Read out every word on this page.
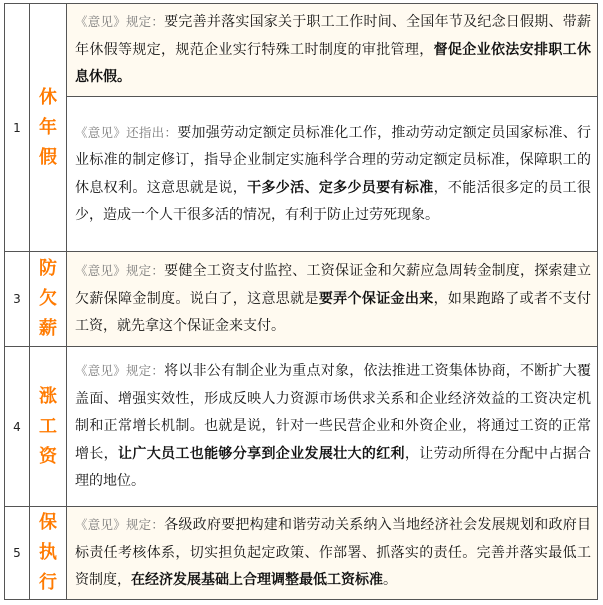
1	休年假	《意见》规定：要完善并落实国家关于职工工作时间、全国年节及纪念日假期、带薪年休假等规定，规范企业实行特殊工时制度的审批管理，督促企业依法安排职工休息休假。
		《意见》还指出：要加强劳动定额定员标准化工作，推动劳动定额定员国家标准、行业标准的制定修订，指导企业制定实施科学合理的劳动定额定员标准，保障职工的休息权利。这意思就是说，干多少活、定多少员要有标准，不能活很多定的员工很少，造成一个人干很多活的情况，有利于防止过劳死现象。
3	防欠薪	《意见》规定：要健全工资支付监控、工资保证金和欠薪应急周转金制度，探索建立欠薪保障金制度。说白了，这意思就是要弄个保证金出来，如果跑路了或者不支付工资，就先拿这个保证金来支付。
4	涨工资	《意见》规定：将以非公有制企业为重点对象，依法推进工资集体协商，不断扩大覆盖面、增强实效性，形成反映人力资源市场供求关系和企业经济效益的工资决定机制和正常增长机制。也就是说，针对一些民营企业和外资企业，将通过工资的正常增长，让广大员工也能够分享到企业发展壮大的红利，让劳动所得在分配中占据合理的地位。
5	保执行	《意见》规定：各级政府要把构建和谐劳动关系纳入当地经济社会发展规划和政府目标责任考核体系，切实担负起定政策、作部署、抓落实的责任。完善并落实最低工资制度，在经济发展基础上合理调整最低工资标准。
